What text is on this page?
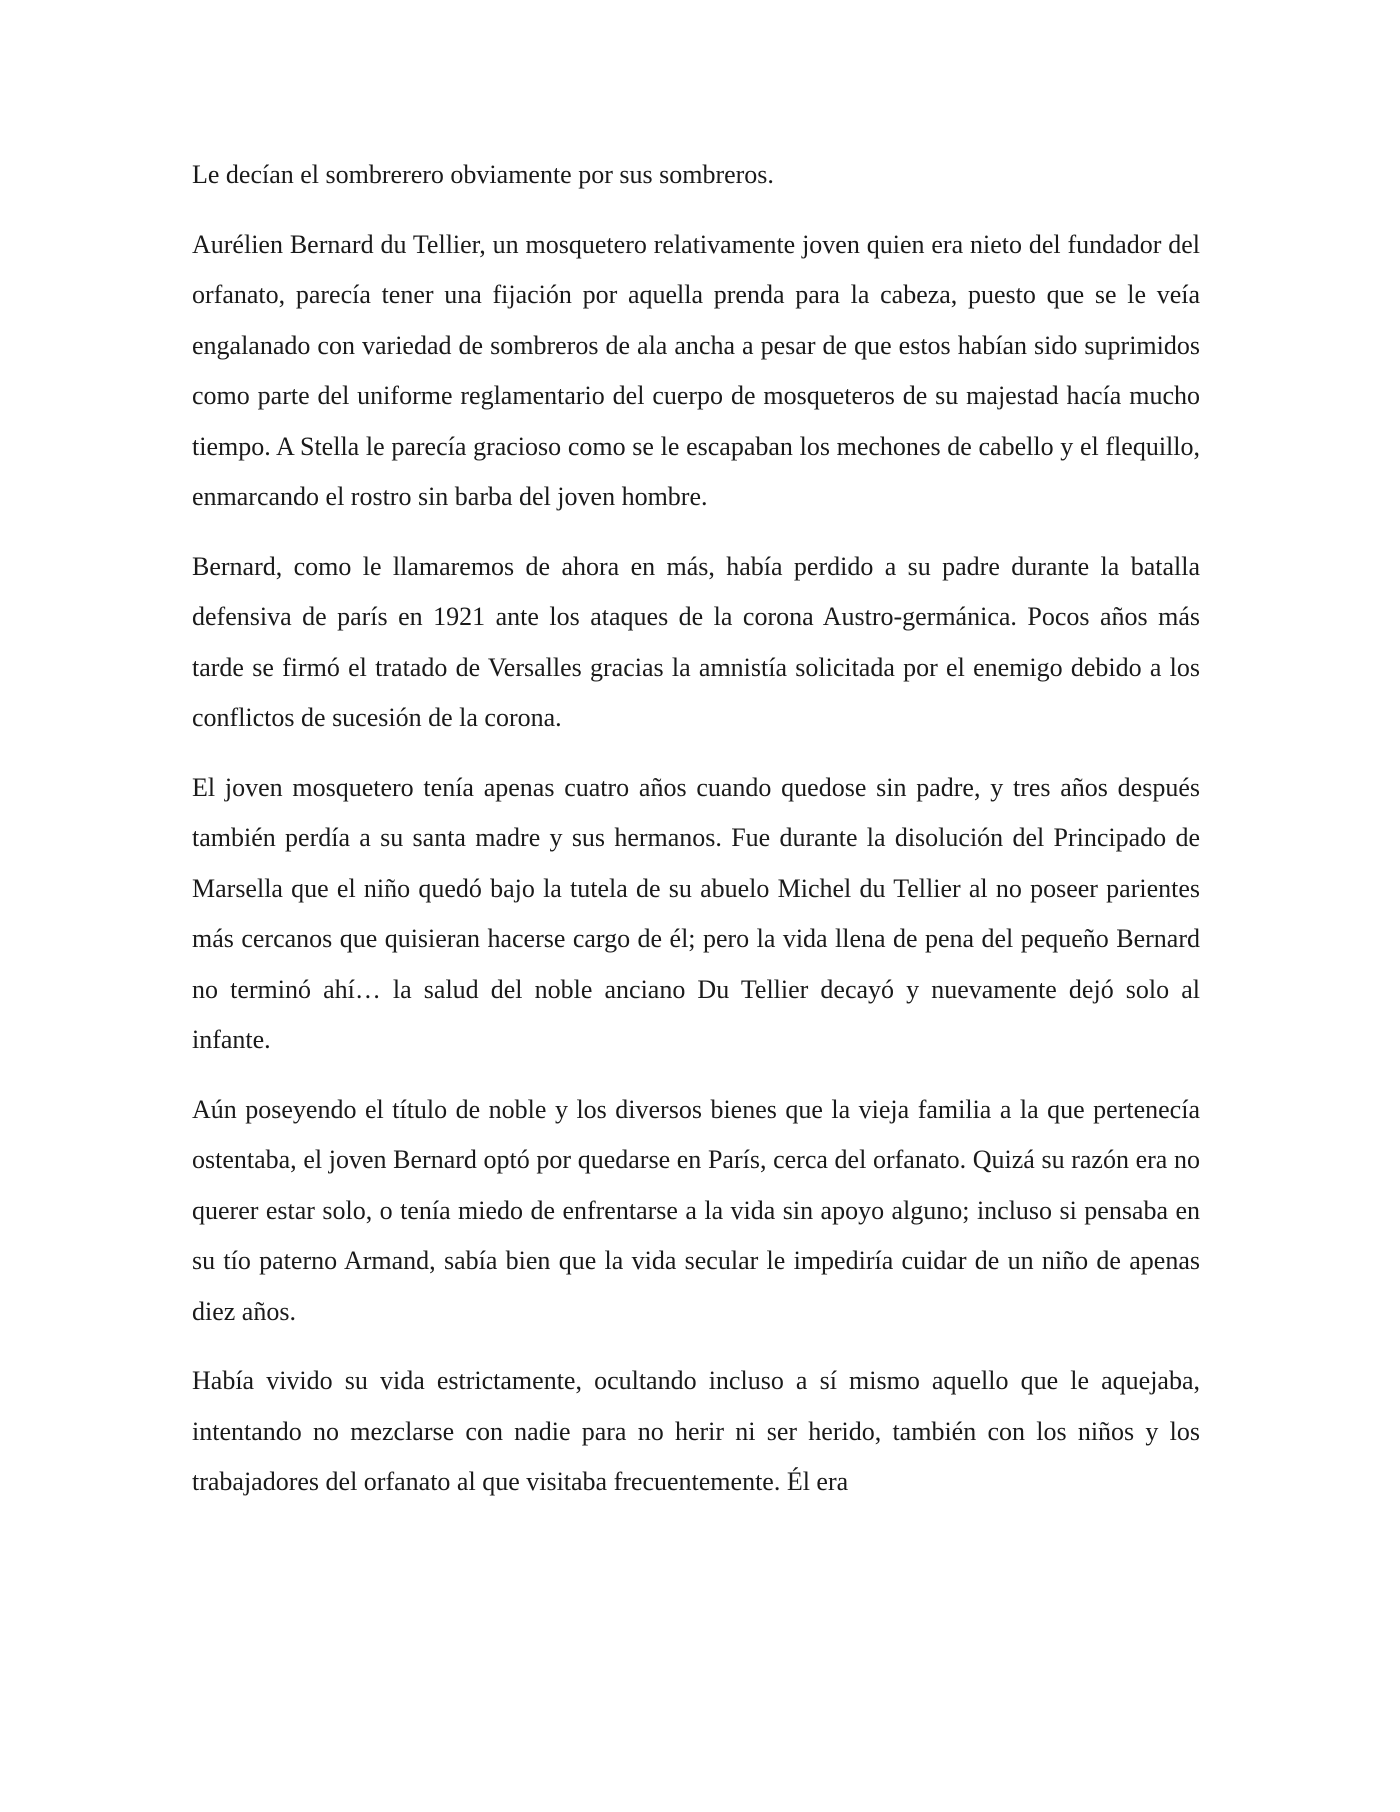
Le decían el sombrerero obviamente por sus sombreros.

Aurélien Bernard du Tellier, un mosquetero relativamente joven quien era nieto del fundador del orfanato, parecía tener una fijación por aquella prenda para la cabeza, puesto que se le veía engalanado con variedad de sombreros de ala ancha a pesar de que estos habían sido suprimidos como parte del uniforme reglamentario del cuerpo de mosqueteros de su majestad hacía mucho tiempo. A Stella le parecía gracioso como se le escapaban los mechones de cabello y el flequillo, enmarcando el rostro sin barba del joven hombre.

Bernard, como le llamaremos de ahora en más, había perdido a su padre durante la batalla defensiva de parís en 1921 ante los ataques de la corona Austro-germánica. Pocos años más tarde se firmó el tratado de Versalles gracias la amnistía solicitada por el enemigo debido a los conflictos de sucesión de la corona.

El joven mosquetero tenía apenas cuatro años cuando quedose sin padre, y tres años después también perdía a su santa madre y sus hermanos. Fue durante la disolución del Principado de Marsella que el niño quedó bajo la tutela de su abuelo Michel du Tellier al no poseer parientes más cercanos que quisieran hacerse cargo de él; pero la vida llena de pena del pequeño Bernard no terminó ahí… la salud del noble anciano Du Tellier decayó y nuevamente dejó solo al infante.

Aún poseyendo el título de noble y los diversos bienes que la vieja familia a la que pertenecía ostentaba, el joven Bernard optó por quedarse en París, cerca del orfanato. Quizá su razón era no querer estar solo, o tenía miedo de enfrentarse a la vida sin apoyo alguno; incluso si pensaba en su tío paterno Armand, sabía bien que la vida secular le impediría cuidar de un niño de apenas diez años.

Había vivido su vida estrictamente, ocultando incluso a sí mismo aquello que le aquejaba, intentando no mezclarse con nadie para no herir ni ser herido, también con los niños y los trabajadores del orfanato al que visitaba frecuentemente. Él era
